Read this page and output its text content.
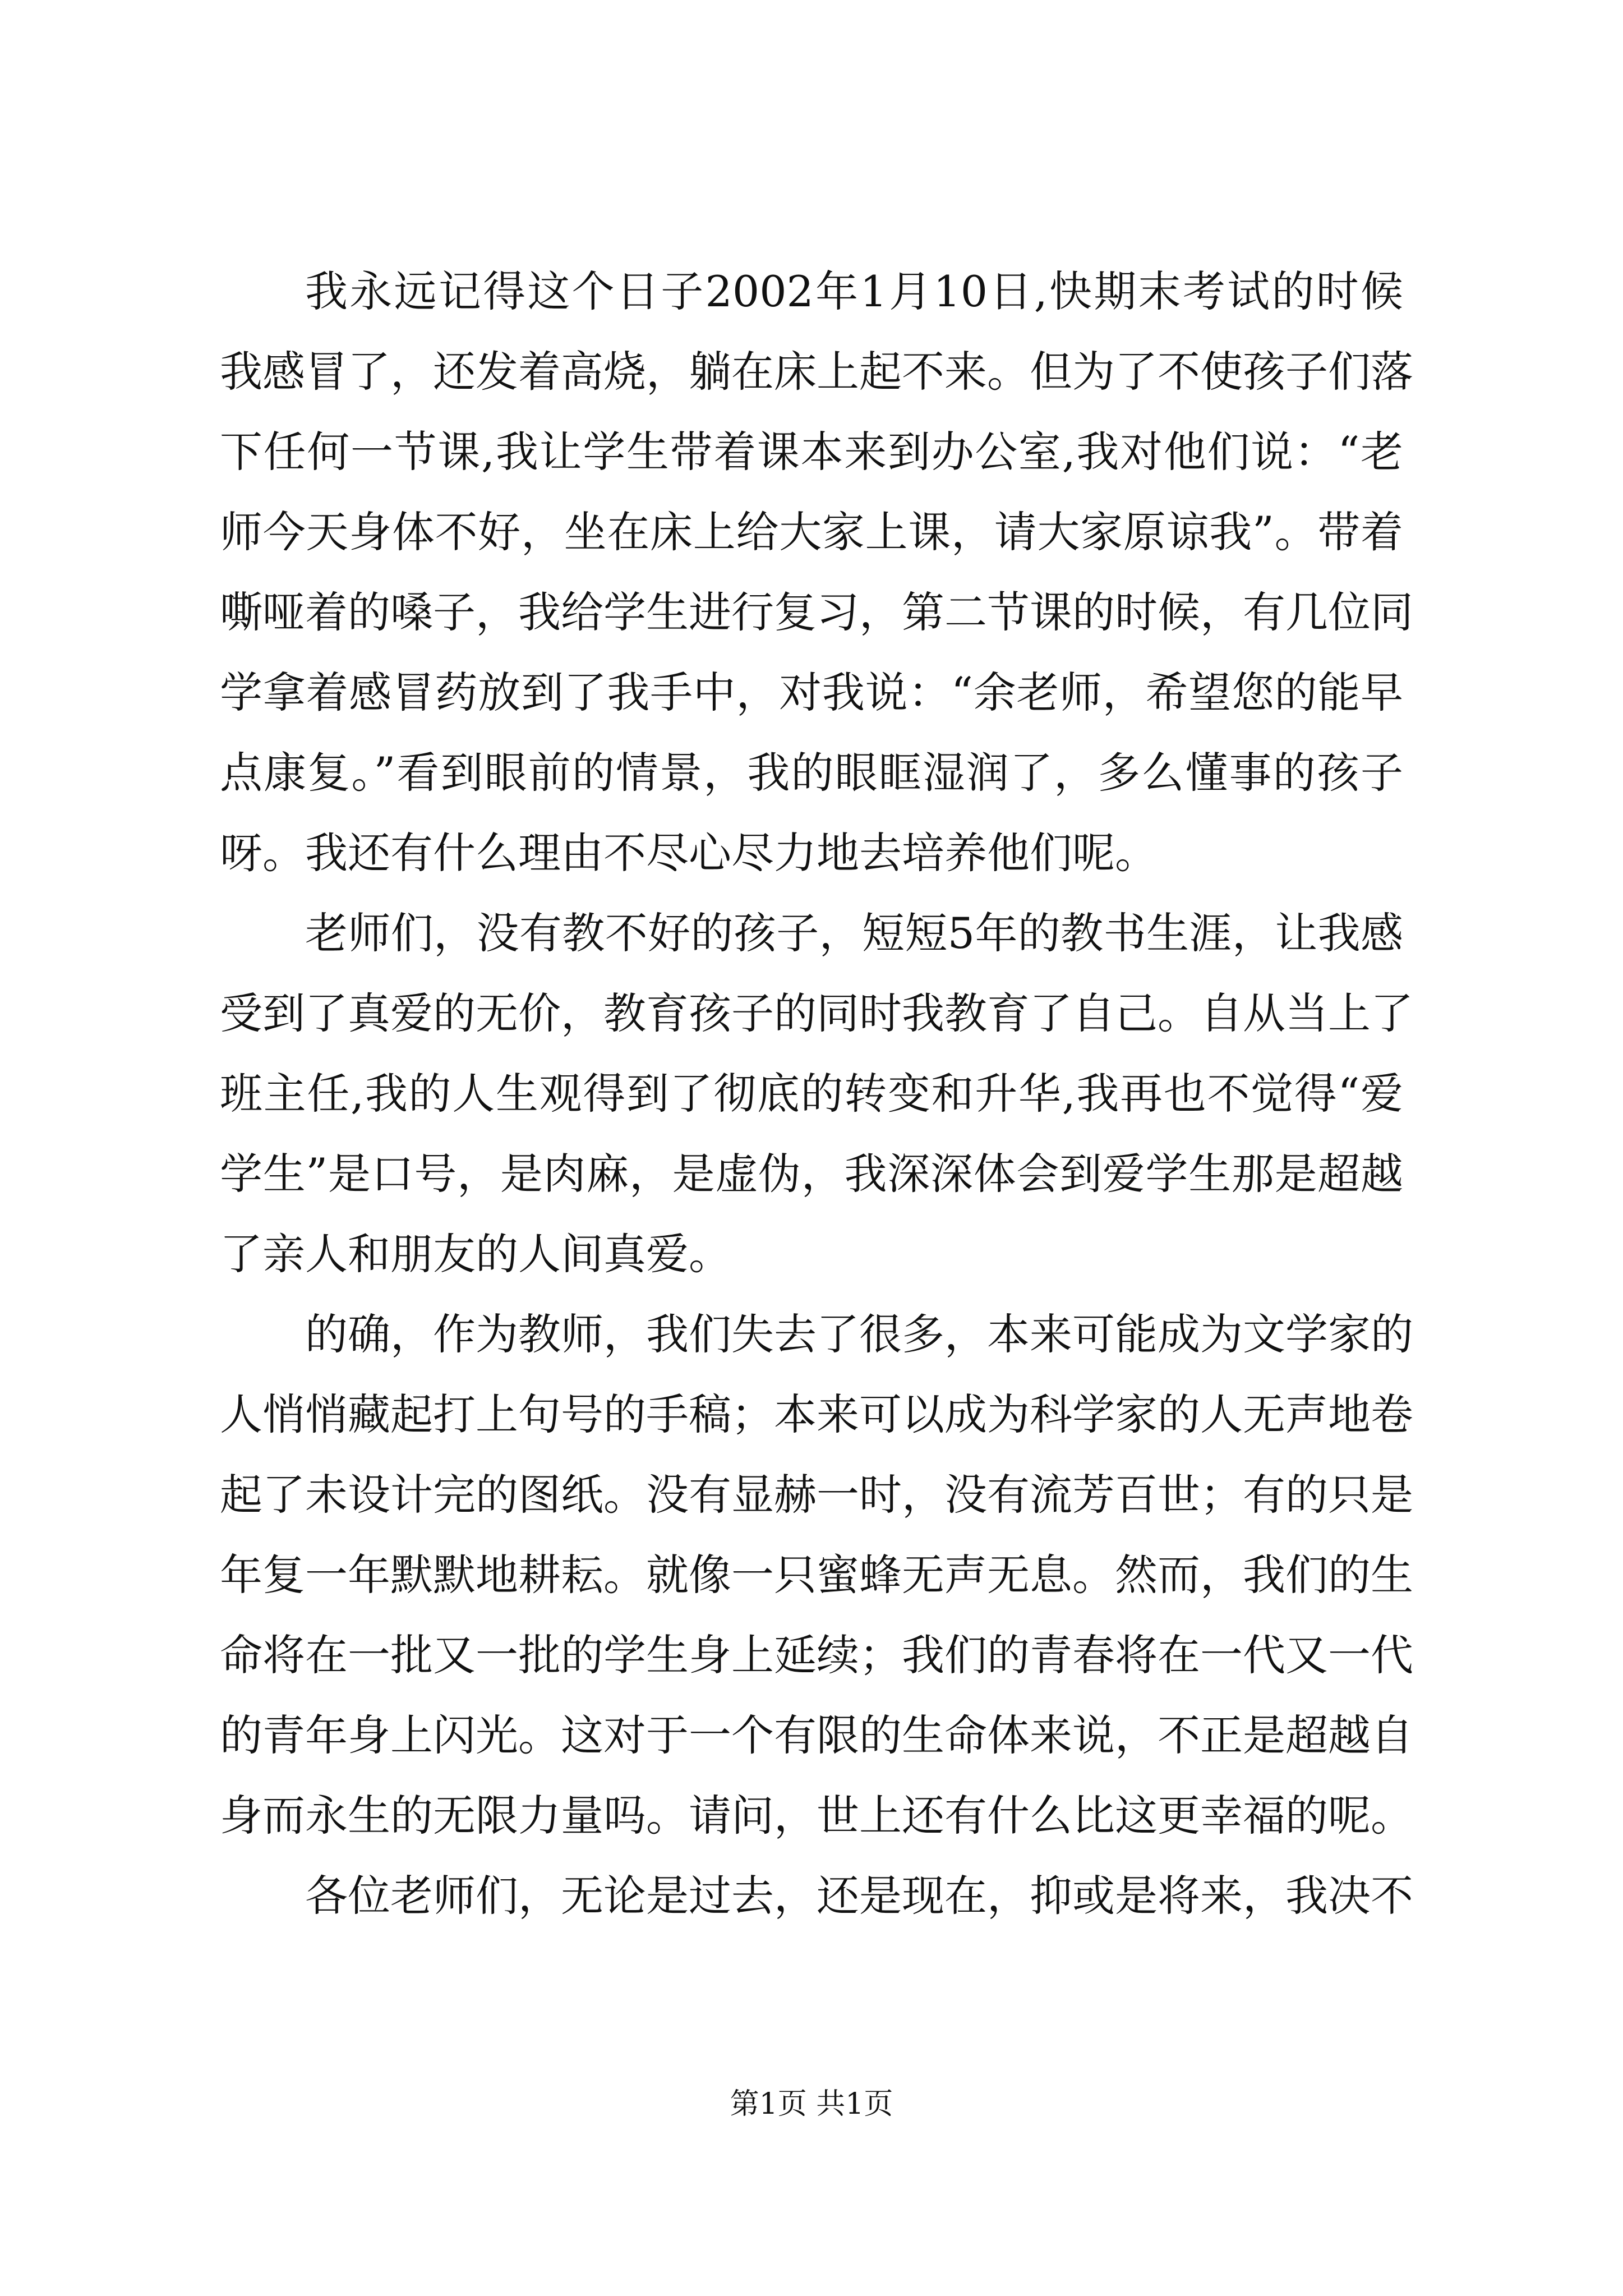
我永远记得这个日子2002年1月10日,快期末考试的时候
我感冒了，还发着高烧，躺在床上起不来。但为了不使孩子们落
下任何一节课,我让学生带着课本来到办公室,我对他们说：“老
师今天身体不好，坐在床上给大家上课，请大家原谅我”。带着
嘶哑着的嗓子，我给学生进行复习，第二节课的时候，有几位同
学拿着感冒药放到了我手中，对我说：“余老师，希望您的能早
点康复。”看到眼前的情景，我的眼眶湿润了，多么懂事的孩子
呀。我还有什么理由不尽心尽力地去培养他们呢。
老师们，没有教不好的孩子，短短5年的教书生涯，让我感
受到了真爱的无价，教育孩子的同时我教育了自己。自从当上了
班主任,我的人生观得到了彻底的转变和升华,我再也不觉得“爱
学生”是口号，是肉麻，是虚伪，我深深体会到爱学生那是超越
了亲人和朋友的人间真爱。
的确，作为教师，我们失去了很多，本来可能成为文学家的
人悄悄藏起打上句号的手稿；本来可以成为科学家的人无声地卷
起了未设计完的图纸。没有显赫一时，没有流芳百世；有的只是
年复一年默默地耕耘。就像一只蜜蜂无声无息。然而，我们的生
命将在一批又一批的学生身上延续；我们的青春将在一代又一代
的青年身上闪光。这对于一个有限的生命体来说，不正是超越自
身而永生的无限力量吗。请问，世上还有什么比这更幸福的呢。
各位老师们，无论是过去，还是现在，抑或是将来，我决不
第1页 共1页
